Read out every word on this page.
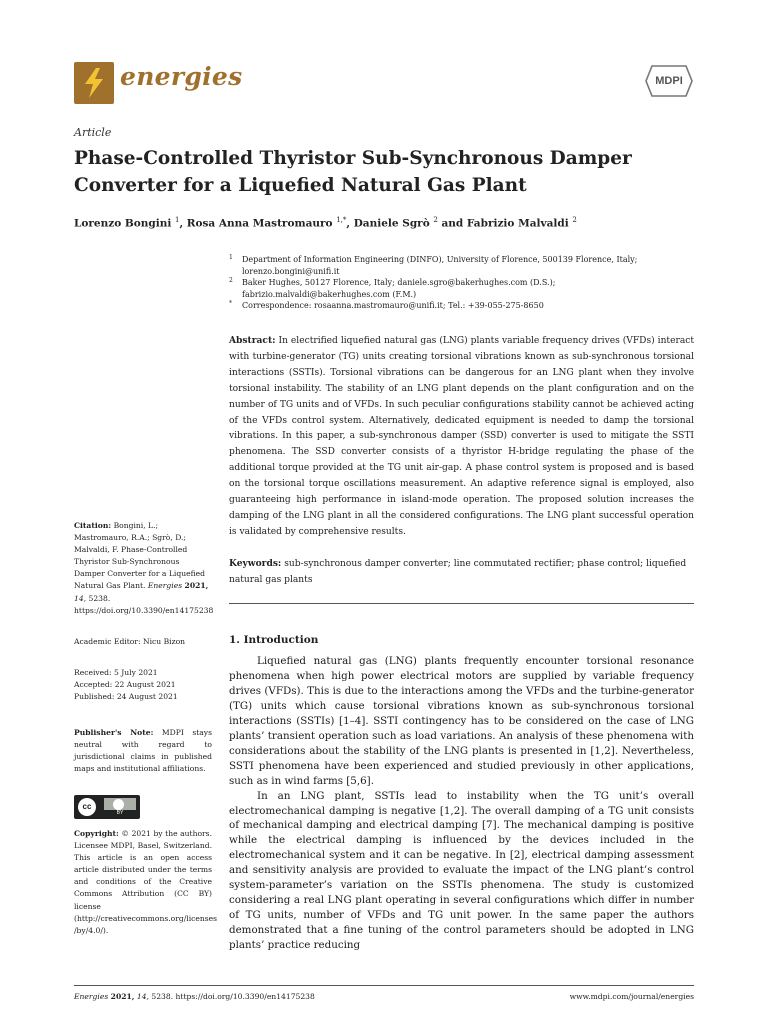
energies	MDPI
Article
Phase-Controlled Thyristor Sub-Synchronous Damper Converter for a Liquefied Natural Gas Plant
Lorenzo Bongini $^1$, Rosa Anna Mastromauro $^{1,*}$, Daniele Sgrò $^2$ and Fabrizio Malvaldi $^2$
1 Department of Information Engineering (DINFO), University of Florence, 500139 Florence, Italy; lorenzo.bongini@unifi.it
2 Baker Hughes, 50127 Florence, Italy; daniele.sgro@bakerhughes.com (D.S.); fabrizio.malvaldi@bakerhughes.com (F.M.)
* Correspondence: rosaanna.mastromauro@unifi.it; Tel.: +39-055-275-8650
Abstract: In electrified liquefied natural gas (LNG) plants variable frequency drives (VFDs) interact with turbine-generator (TG) units creating torsional vibrations known as sub-synchronous torsional interactions (SSTIs). Torsional vibrations can be dangerous for an LNG plant when they involve torsional instability. The stability of an LNG plant depends on the plant configuration and on the number of TG units and of VFDs. In such peculiar configurations stability cannot be achieved acting of the VFDs control system. Alternatively, dedicated equipment is needed to damp the torsional vibrations. In this paper, a sub-synchronous damper (SSD) converter is used to mitigate the SSTI phenomena. The SSD converter consists of a thyristor H-bridge regulating the phase of the additional torque provided at the TG unit air-gap. A phase control system is proposed and is based on the torsional torque oscillations measurement. An adaptive reference signal is employed, also guaranteeing high performance in island-mode operation. The proposed solution increases the damping of the LNG plant in all the considered configurations. The LNG plant successful operation is validated by comprehensive results.
Keywords: sub-synchronous damper converter; line commutated rectifier; phase control; liquefied natural gas plants
Citation: Bongini, L.; Mastromauro, R.A.; Sgrò, D.; Malvaldi, F. Phase-Controlled Thyristor Sub-Synchronous Damper Converter for a Liquefied Natural Gas Plant. Energies 2021, 14, 5238. https://doi.org/10.3390/en14175238
Academic Editor: Nicu Bizon
Received: 5 July 2021
Accepted: 22 August 2021
Published: 24 August 2021
Publisher's Note: MDPI stays neutral with regard to jurisdictional claims in published maps and institutional affiliations.
cc
BY
Copyright: © 2021 by the authors. Licensee MDPI, Basel, Switzerland. This article is an open access article distributed under the terms and conditions of the Creative Commons Attribution (CC BY) license (http://creativecommons.org/licenses /by/4.0/).
1. Introduction

Liquefied natural gas (LNG) plants frequently encounter torsional resonance phenomena when high power electrical motors are supplied by variable frequency drives (VFDs). This is due to the interactions among the VFDs and the turbine-generator (TG) units which cause torsional vibrations known as sub-synchronous torsional interactions (SSTIs) [1–4]. SSTI contingency has to be considered on the case of LNG plants’ transient operation such as load variations. An analysis of these phenomena with considerations about the stability of the LNG plants is presented in [1,2]. Nevertheless, SSTI phenomena have been experienced and studied previously in other applications, such as in wind farms [5,6].

In an LNG plant, SSTIs lead to instability when the TG unit’s overall electromechanical damping is negative [1,2]. The overall damping of a TG unit consists of mechanical damping and electrical damping [7]. The mechanical damping is positive while the electrical damping is influenced by the devices included in the electromechanical system and it can be negative. In [2], electrical damping assessment and sensitivity analysis are provided to evaluate the impact of the LNG plant’s control system-parameter’s variation on the SSTIs phenomena. The study is customized considering a real LNG plant operating in several configurations which differ in number of TG units, number of VFDs and TG unit power. In the same paper the authors demonstrated that a fine tuning of the control parameters should be adopted in LNG plants’ practice reducing

Energies 2021, 14, 5238. https://doi.org/10.3390/en14175238	www.mdpi.com/journal/energies
